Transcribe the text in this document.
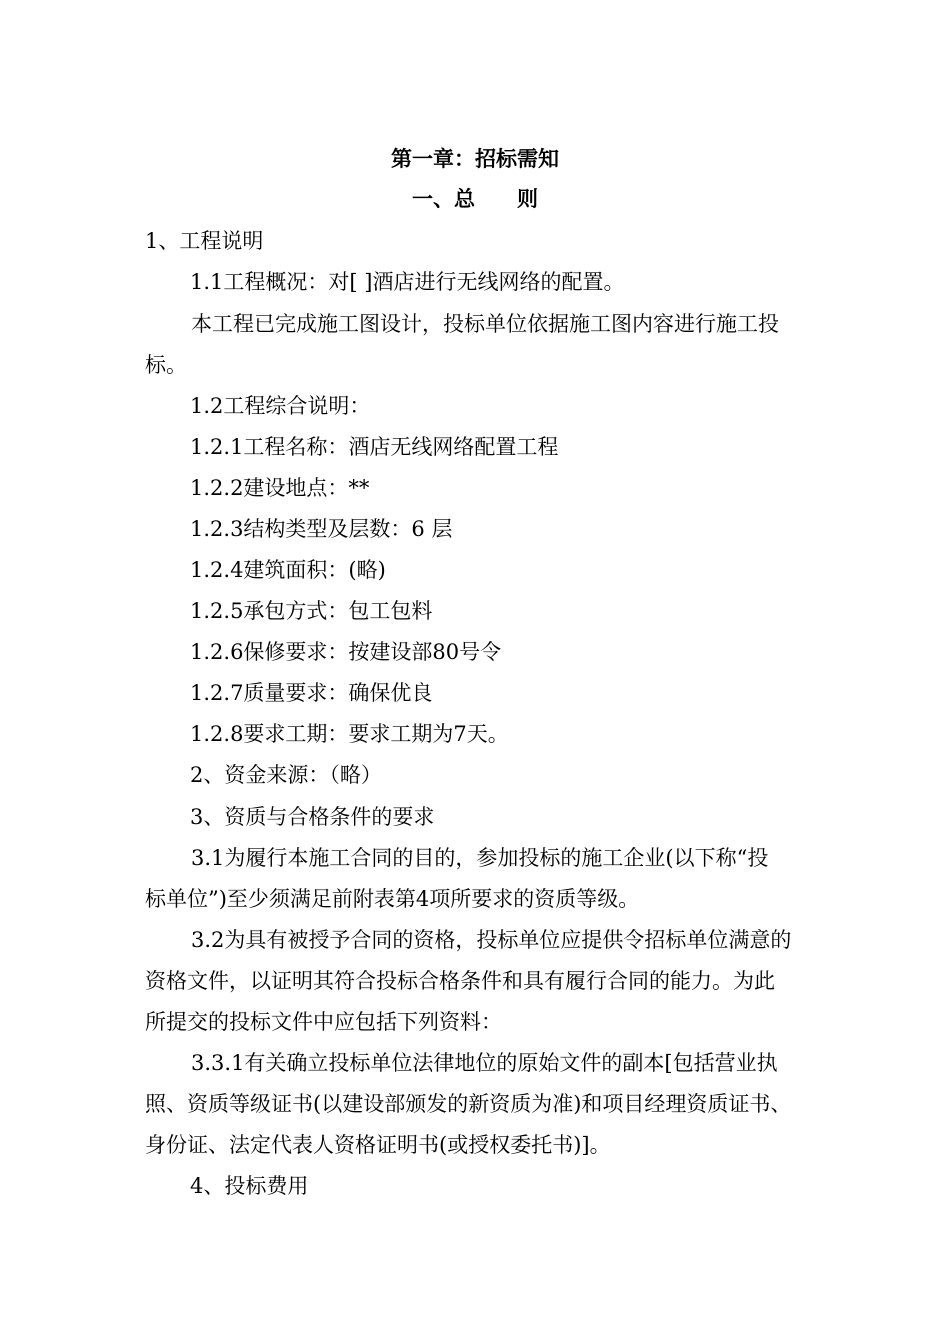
第一章：招标需知
一、总　　则
1、工程说明
1.1工程概况：对[ ]酒店进行无线网络的配置。
本工程已完成施工图设计，投标单位依据施工图内容进行施工投
标。
1.2工程综合说明：
1.2.1工程名称：酒店无线网络配置工程
1.2.2建设地点：**
1.2.3结构类型及层数：6 层
1.2.4建筑面积：(略)
1.2.5承包方式：包工包料
1.2.6保修要求：按建设部80号令
1.2.7质量要求：确保优良
1.2.8要求工期：要求工期为7天。
2、资金来源：（略）
3、资质与合格条件的要求
3.1为履行本施工合同的目的，参加投标的施工企业(以下称“投
标单位”)至少须满足前附表第4项所要求的资质等级。
3.2为具有被授予合同的资格，投标单位应提供令招标单位满意的
资格文件，以证明其符合投标合格条件和具有履行合同的能力。为此
所提交的投标文件中应包括下列资料：
3.3.1有关确立投标单位法律地位的原始文件的副本[包括营业执
照、资质等级证书(以建设部颁发的新资质为准)和项目经理资质证书、
身份证、法定代表人资格证明书(或授权委托书)]。
4、投标费用
